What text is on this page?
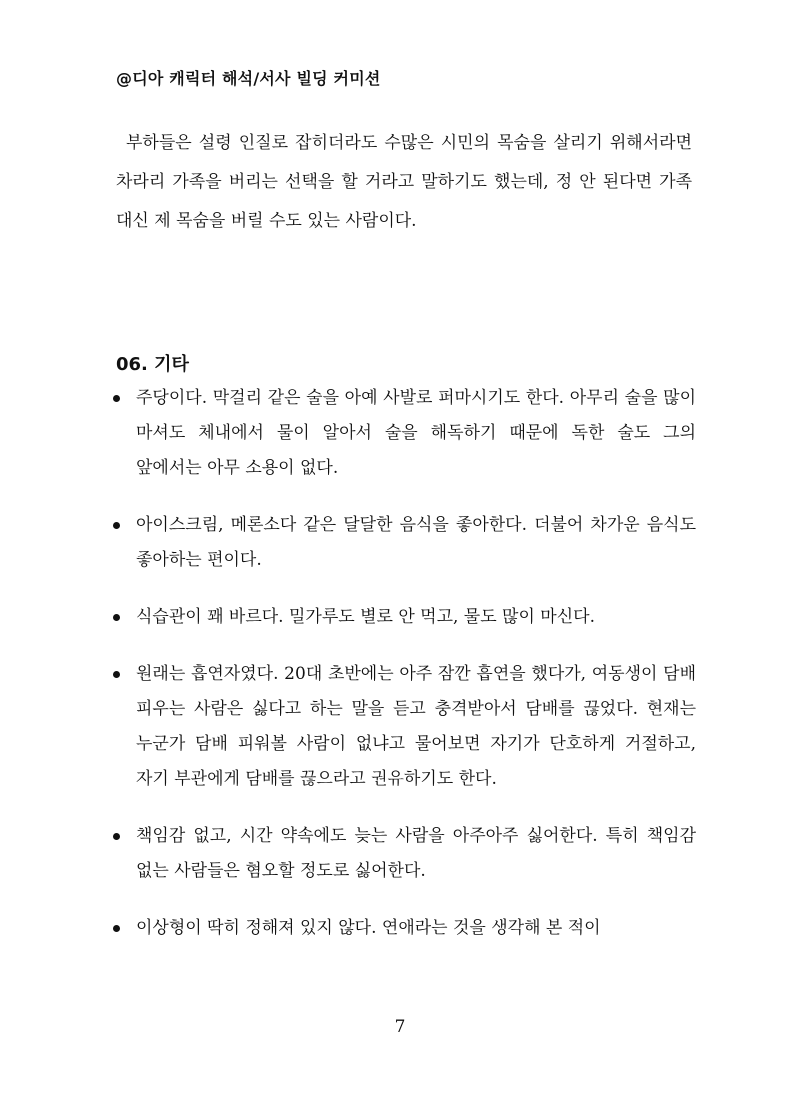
@디아 캐릭터 해석/서사 빌딩 커미션

부하들은 설령 인질로 잡히더라도 수많은 시민의 목숨을 살리기 위해서라면 차라리 가족을 버리는 선택을 할 거라고 말하기도 했는데, 정 안 된다면 가족 대신 제 목숨을 버릴 수도 있는 사람이다.

06. 기타
주당이다. 막걸리 같은 술을 아예 사발로 퍼마시기도 한다. 아무리 술을 많이 마셔도 체내에서 물이 알아서 술을 해독하기 때문에 독한 술도 그의 앞에서는 아무 소용이 없다.
아이스크림, 메론소다 같은 달달한 음식을 좋아한다. 더불어 차가운 음식도 좋아하는 편이다.
식습관이 꽤 바르다. 밀가루도 별로 안 먹고, 물도 많이 마신다.
원래는 흡연자였다. 20대 초반에는 아주 잠깐 흡연을 했다가, 여동생이 담배 피우는 사람은 싫다고 하는 말을 듣고 충격받아서 담배를 끊었다. 현재는 누군가 담배 피워볼 사람이 없냐고 물어보면 자기가 단호하게 거절하고, 자기 부관에게 담배를 끊으라고 권유하기도 한다.
책임감 없고, 시간 약속에도 늦는 사람을 아주아주 싫어한다. 특히 책임감 없는 사람들은 혐오할 정도로 싫어한다.
이상형이 딱히 정해져 있지 않다. 연애라는 것을 생각해 본 적이
7
